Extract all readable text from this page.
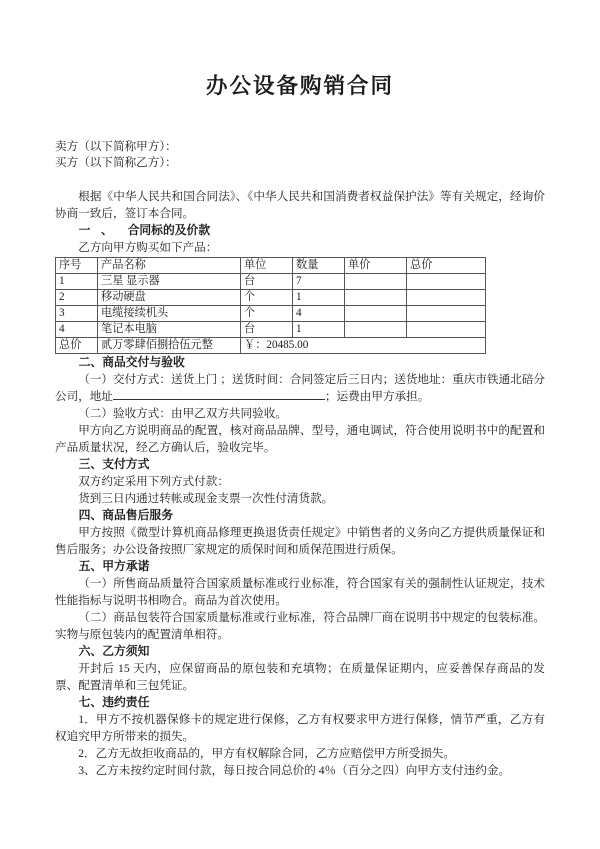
办公设备购销合同
卖方（以下简称甲方）：
买方（以下简称乙方）：

根据《中华人民共和国合同法》、《中华人民共和国消费者权益保护法》等有关规定，经询价协商一致后，签订本合同。

一、 合同标的及价款

乙方向甲方购买如下产品：

序号	产品名称	单位	数量	单价	总价
1	三星 显示器	台	7		
2	移动硬盘	个	1		
3	电缆接续机头	个	4		
4	笔记本电脑	台	1		
总价	贰万零肆佰捌拾伍元整	￥：20485.00			

二、商品交付与验收

（一）交付方式：送货上门 ；送货时间：合同签定后三日内；送货地址：重庆市铁通北碚分公司，地址	；运费由甲方承担。

（二）验收方式：由甲乙双方共同验收。

甲方向乙方说明商品的配置，核对商品品牌、型号，通电调试，符合使用说明书中的配置和产品质量状况，经乙方确认后，验收完毕。

三、支付方式

双方约定采用下列方式付款：

货到三日内通过转帐或现金支票一次性付清货款。

四、商品售后服务

甲方按照《微型计算机商品修理更换退货责任规定》中销售者的义务向乙方提供质量保证和售后服务；办公设备按照厂家规定的质保时间和质保范围进行质保。

五、甲方承诺

（一）所售商品质量符合国家质量标准或行业标准，符合国家有关的强制性认证规定，技术性能指标与说明书相吻合。商品为首次使用。

（二）商品包装符合国家质量标准或行业标准，符合品牌厂商在说明书中规定的包装标准。实物与原包装内的配置清单相符。

六、乙方须知

开封后 15 天内，应保留商品的原包装和充填物；在质量保证期内，应妥善保存商品的发票、配置清单和三包凭证。

七、违约责任

1．甲方不按机器保修卡的规定进行保修，乙方有权要求甲方进行保修，情节严重，乙方有权追究甲方所带来的损失。

2．乙方无故拒收商品的，甲方有权解除合同，乙方应赔偿甲方所受损失。

3、乙方未按约定时间付款，每日按合同总价的 4％（百分之四）向甲方支付违约金。
